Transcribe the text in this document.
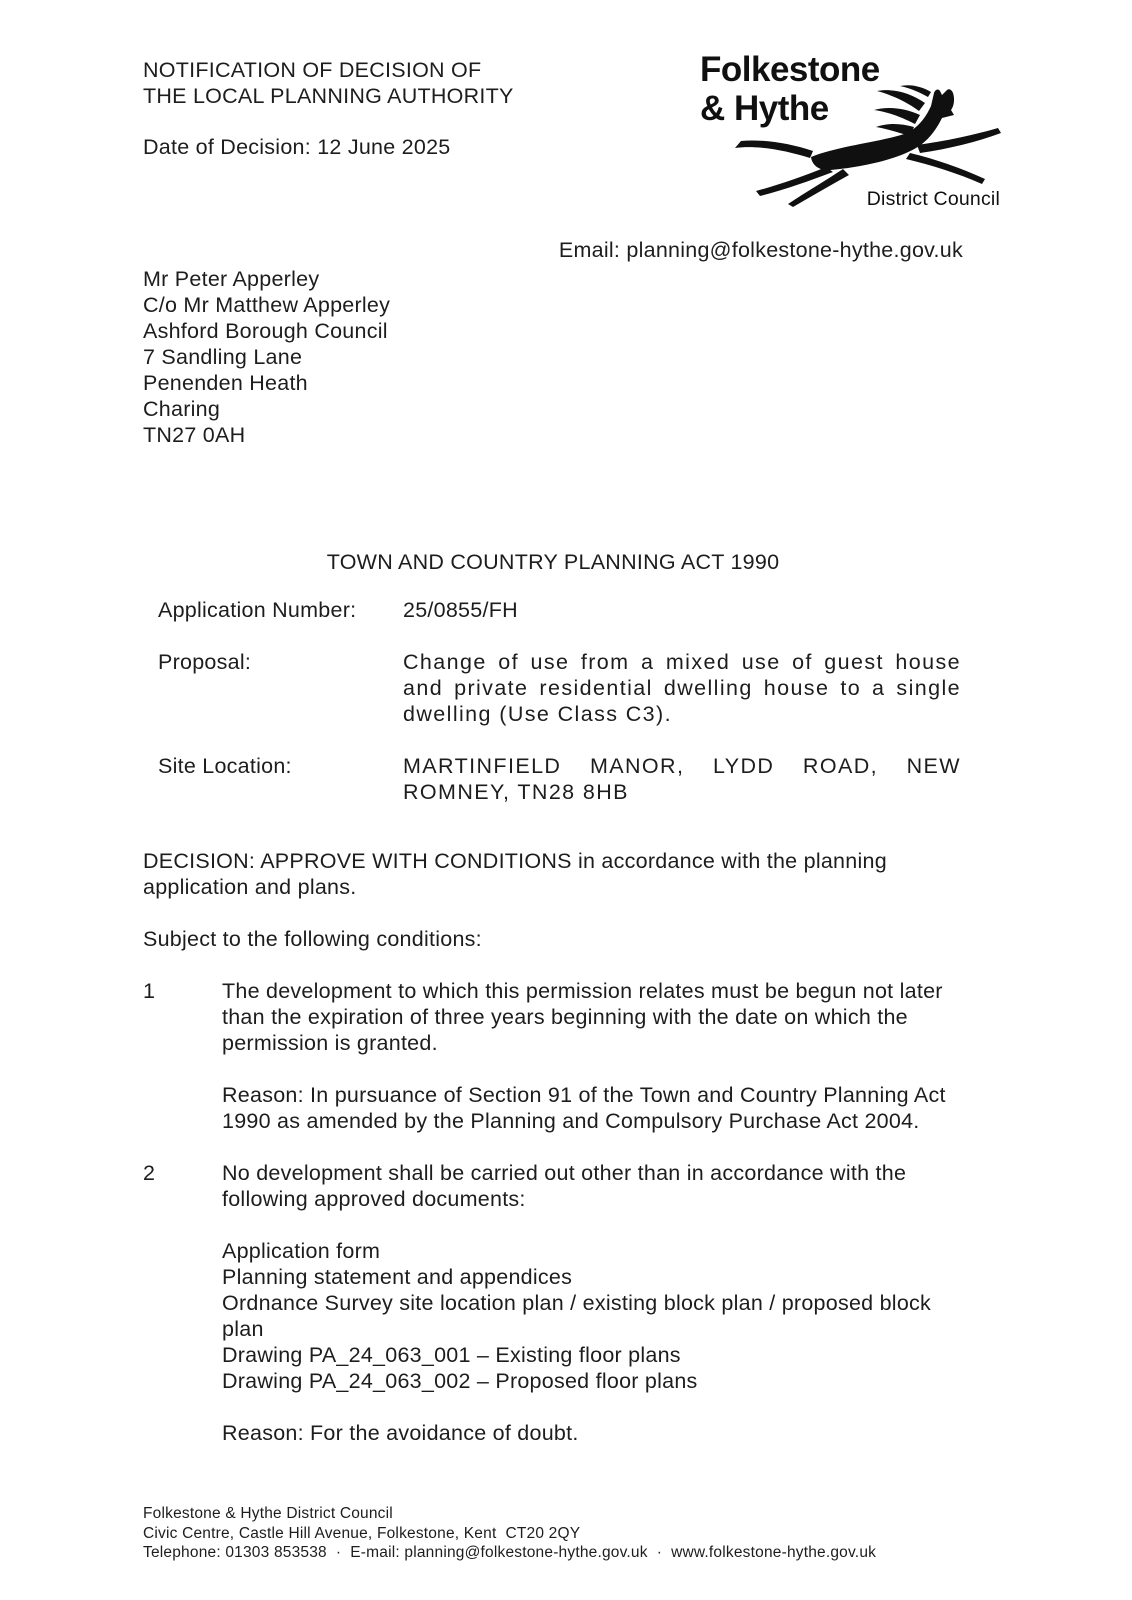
NOTIFICATION OF DECISION OF
THE LOCAL PLANNING AUTHORITY
Date of Decision: 12 June 2025
Folkestone
& Hythe
District Council
Email: planning@folkestone-hythe.gov.uk
Mr Peter Apperley
C/o Mr Matthew Apperley
Ashford Borough Council
7 Sandling Lane
Penenden Heath
Charing
TN27 0AH
TOWN AND COUNTRY PLANNING ACT 1990
Application Number:	25/0855/FH
Proposal:	Change of use from a mixed use of guest house and private residential dwelling house to a single dwelling (Use Class C3).
Site Location:	MARTINFIELD MANOR, LYDD ROAD, NEW ROMNEY, TN28 8HB

DECISION: APPROVE WITH CONDITIONS in accordance with the planning application and plans.

Subject to the following conditions:

1	The development to which this permission relates must be begun not later than the expiration of three years beginning with the date on which the permission is granted.

Reason: In pursuance of Section 91 of the Town and Country Planning Act 1990 as amended by the Planning and Compulsory Purchase Act 2004.

2	No development shall be carried out other than in accordance with the following approved documents:

Application form
Planning statement and appendices
Ordnance Survey site location plan / existing block plan / proposed block plan
Drawing PA_24_063_001 – Existing floor plans
Drawing PA_24_063_002 – Proposed floor plans

Reason: For the avoidance of doubt.

Folkestone & Hythe District Council
Civic Centre, Castle Hill Avenue, Folkestone, Kent  CT20 2QY
Telephone: 01303 853538  ·  E-mail: planning@folkestone-hythe.gov.uk  ·  www.folkestone-hythe.gov.uk
